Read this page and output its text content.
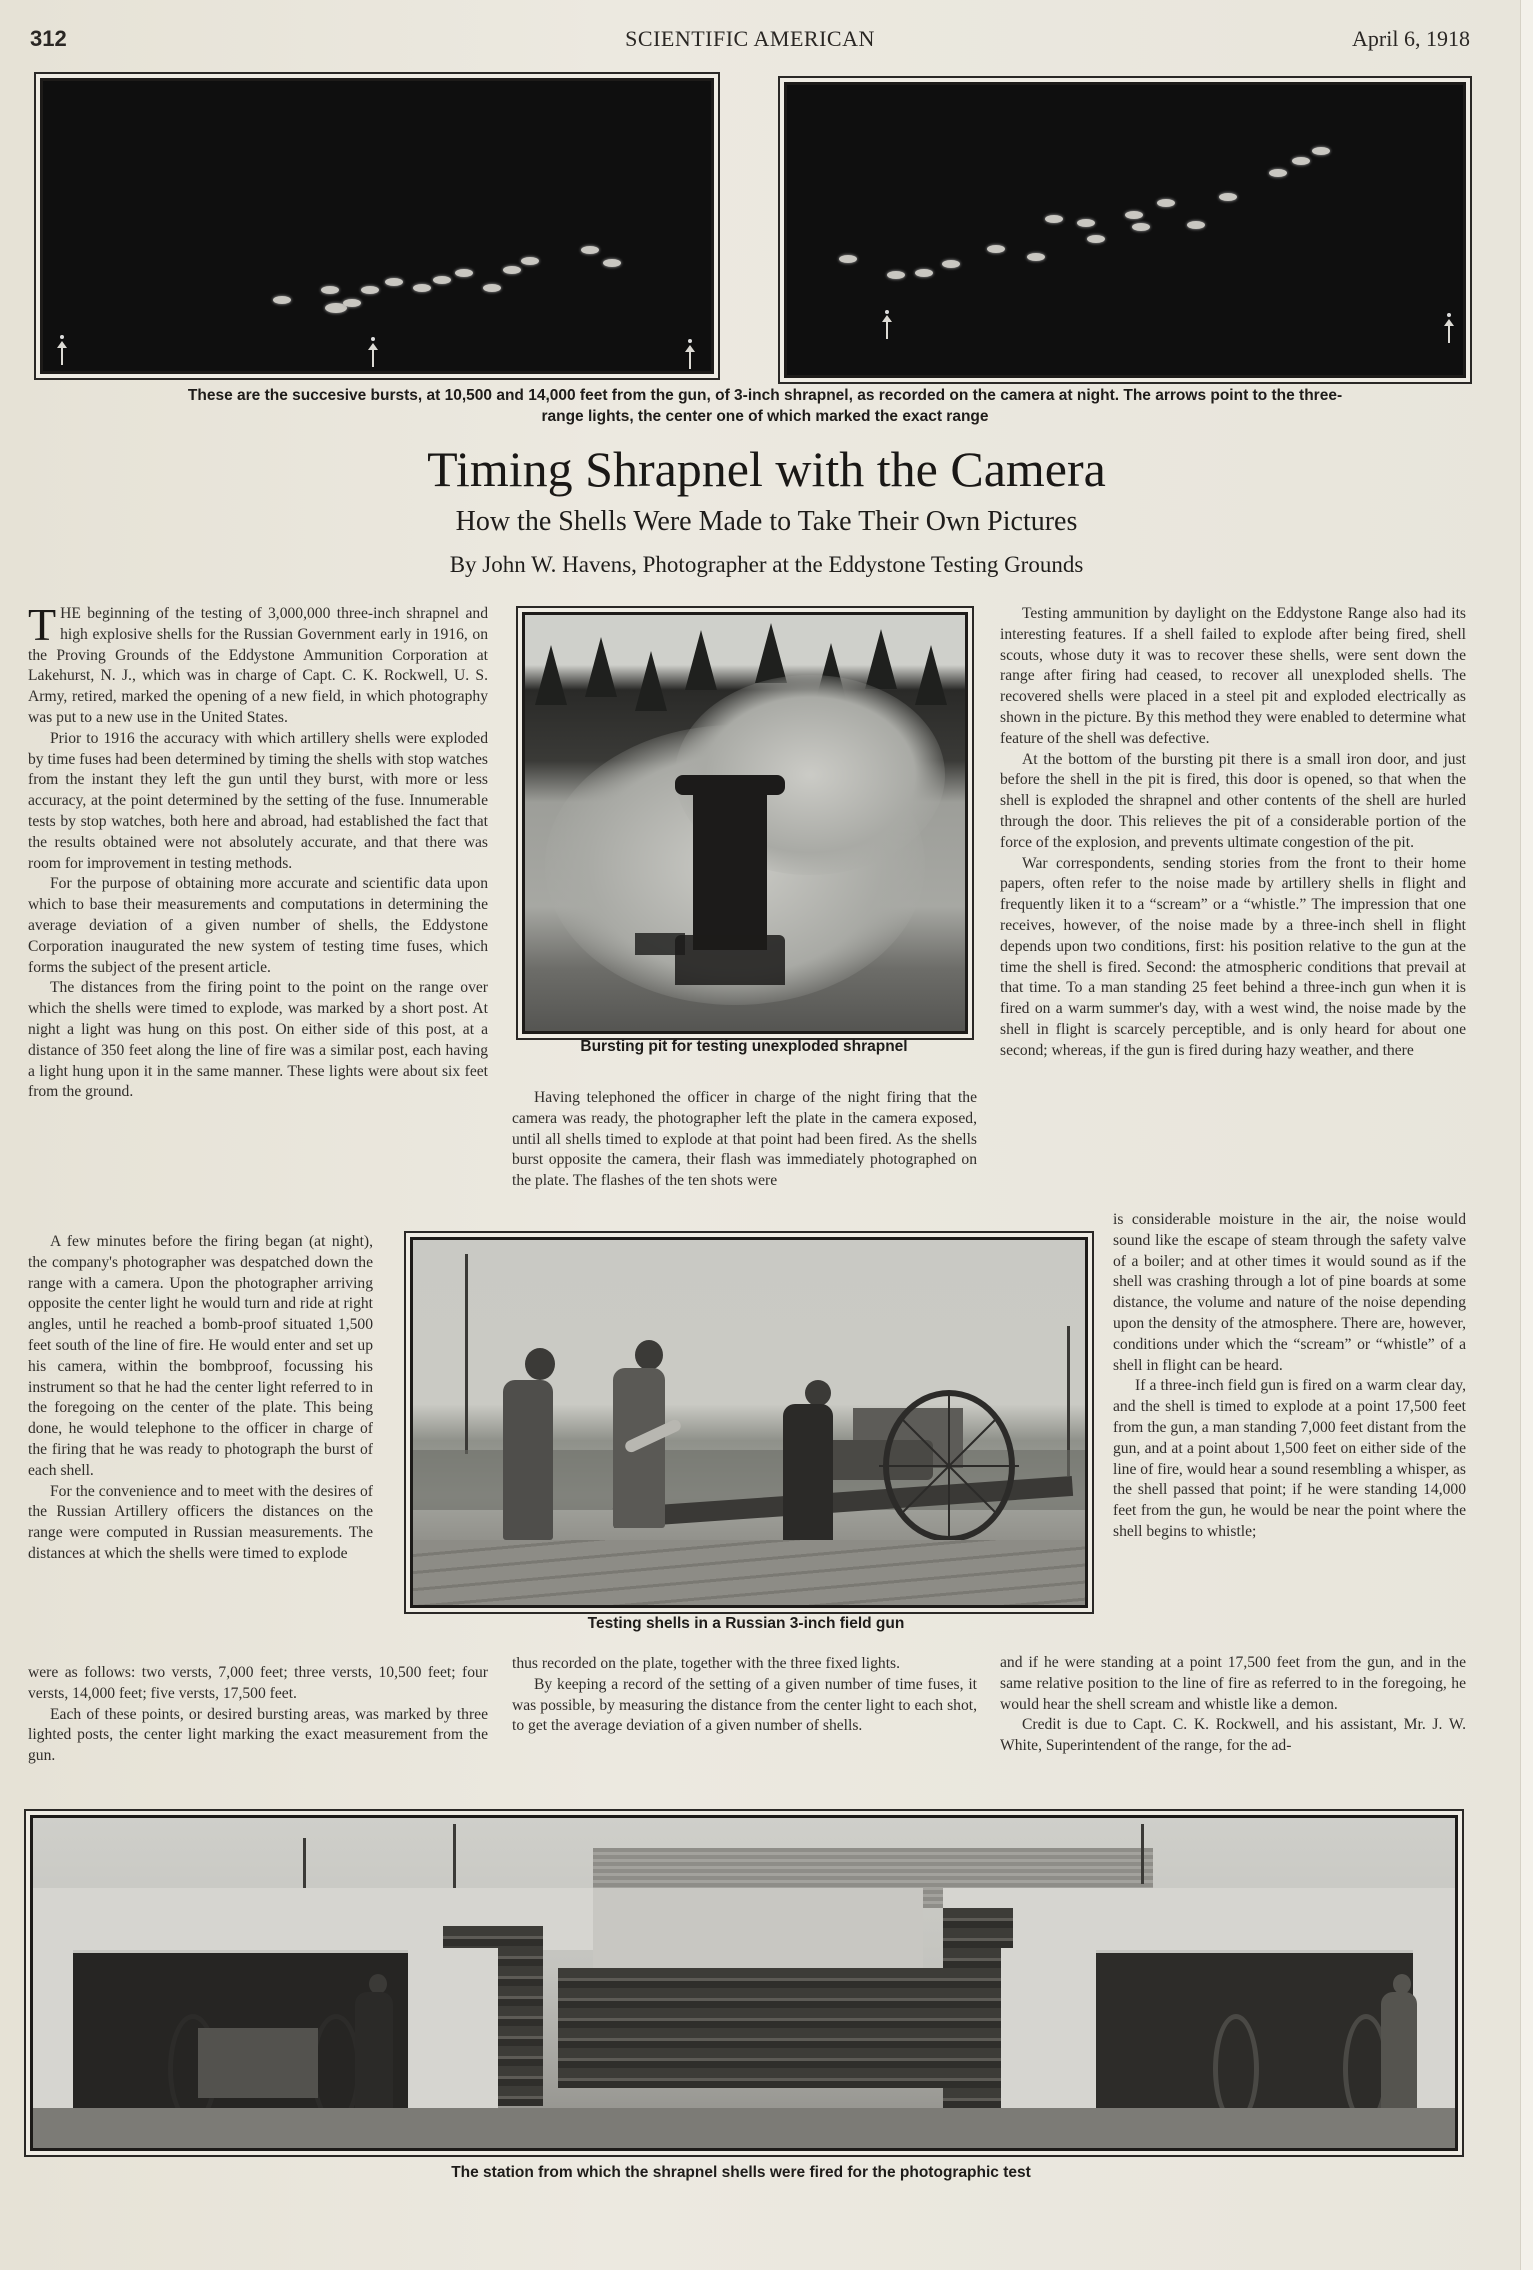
312	SCIENTIFIC AMERICAN	April 6, 1918
These are the succesive bursts, at 10,500 and 14,000 feet from the gun, of 3-inch shrapnel, as recorded on the camera at night. The arrows point to the three-
range lights, the center one of which marked the exact range
Timing Shrapnel with the Camera
How the Shells Were Made to Take Their Own Pictures
By John W. Havens, Photographer at the Eddystone Testing Grounds

THE beginning of the testing of 3,000,000 three-inch shrapnel and high explosive shells for the Russian Government early in 1916, on the Proving Grounds of the Eddystone Ammunition Corporation at Lakehurst, N. J., which was in charge of Capt. C. K. Rockwell, U. S. Army, retired, marked the opening of a new field, in which photography was put to a new use in the United States.

Prior to 1916 the accuracy with which artillery shells were exploded by time fuses had been determined by timing the shells with stop watches from the instant they left the gun until they burst, with more or less accuracy, at the point determined by the setting of the fuse. Innumerable tests by stop watches, both here and abroad, had established the fact that the results obtained were not absolutely accurate, and that there was room for improvement in testing methods.

For the purpose of obtaining more accurate and scientific data upon which to base their measurements and computations in determining the average deviation of a given number of shells, the Eddystone Corporation inaugurated the new system of testing time fuses, which forms the subject of the present article.

The distances from the firing point to the point on the range over which the shells were timed to explode, was marked by a short post. At night a light was hung on this post. On either side of this post, at a distance of 350 feet along the line of fire was a similar post, each having a light hung upon it in the same manner. These lights were about six feet from the ground.

A few minutes before the firing began (at night), the company's photographer was despatched down the range with a camera. Upon the photographer arriving opposite the center light he would turn and ride at right angles, until he reached a bomb-proof situated 1,500 feet south of the line of fire. He would enter and set up his camera, within the bombproof, focussing his instrument so that he had the center light referred to in the foregoing on the center of the plate. This being done, he would telephone to the officer in charge of the firing that he was ready to photograph the burst of each shell.

For the convenience and to meet with the desires of the Russian Artillery officers the distances on the range were computed in Russian measurements. The distances at which the shells were timed to explode

were as follows: two versts, 7,000 feet; three versts, 10,500 feet; four versts, 14,000 feet; five versts, 17,500 feet.

Each of these points, or desired bursting areas, was marked by three lighted posts, the center light marking the exact measurement from the gun.

Bursting pit for testing unexploded shrapnel

Having telephoned the officer in charge of the night firing that the camera was ready, the photographer left the plate in the camera exposed, until all shells timed to explode at that point had been fired. As the shells burst opposite the camera, their flash was immediately photographed on the plate. The flashes of the ten shots were

Testing shells in a Russian 3-inch field gun

thus recorded on the plate, together with the three fixed lights.

By keeping a record of the setting of a given number of time fuses, it was possible, by measuring the distance from the center light to each shot, to get the average deviation of a given number of shells.

Testing ammunition by daylight on the Eddystone Range also had its interesting features. If a shell failed to explode after being fired, shell scouts, whose duty it was to recover these shells, were sent down the range after firing had ceased, to recover all unexploded shells. The recovered shells were placed in a steel pit and exploded electrically as shown in the picture. By this method they were enabled to determine what feature of the shell was defective.

At the bottom of the bursting pit there is a small iron door, and just before the shell in the pit is fired, this door is opened, so that when the shell is exploded the shrapnel and other contents of the shell are hurled through the door. This relieves the pit of a considerable portion of the force of the explosion, and prevents ultimate congestion of the pit.

War correspondents, sending stories from the front to their home papers, often refer to the noise made by artillery shells in flight and frequently liken it to a “scream” or a “whistle.” The impression that one receives, however, of the noise made by a three-inch shell in flight depends upon two conditions, first: his position relative to the gun at the time the shell is fired. Second: the atmospheric conditions that prevail at that time. To a man standing 25 feet behind a three-inch gun when it is fired on a warm summer's day, with a west wind, the noise made by the shell in flight is scarcely perceptible, and is only heard for about one second; whereas, if the gun is fired during hazy weather, and there

is considerable moisture in the air, the noise would sound like the escape of steam through the safety valve of a boiler; and at other times it would sound as if the shell was crashing through a lot of pine boards at some distance, the volume and nature of the noise depending upon the density of the atmosphere. There are, however, conditions under which the “scream” or “whistle” of a shell in flight can be heard.

If a three-inch field gun is fired on a warm clear day, and the shell is timed to explode at a point 17,500 feet from the gun, a man standing 7,000 feet distant from the gun, and at a point about 1,500 feet on either side of the line of fire, would hear a sound resembling a whisper, as the shell passed that point; if he were standing 14,000 feet from the gun, he would be near the point where the shell begins to whistle;

and if he were standing at a point 17,500 feet from the gun, and in the same relative position to the line of fire as referred to in the foregoing, he would hear the shell scream and whistle like a demon.

Credit is due to Capt. C. K. Rockwell, and his assistant, Mr. J. W. White, Superintendent of the range, for the ad-

The station from which the shrapnel shells were fired for the photographic test
